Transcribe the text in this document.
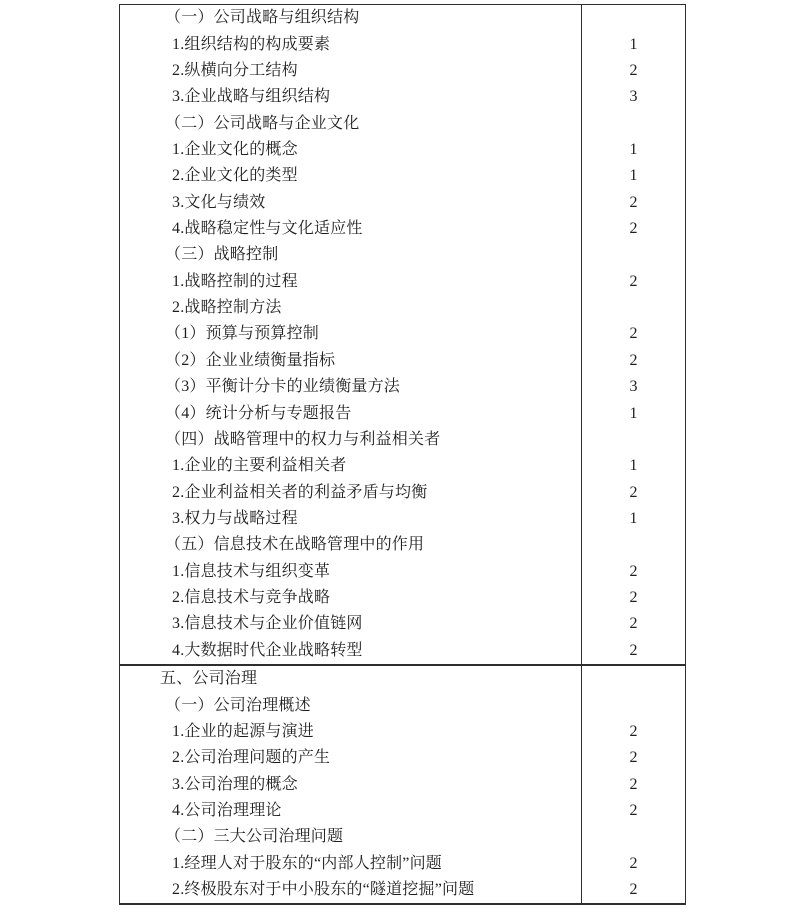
（一）公司战略与组织结构
1.组织结构的构成要素	1
2.纵横向分工结构	2
3.企业战略与组织结构	3
（二）公司战略与企业文化
1.企业文化的概念	1
2.企业文化的类型	1
3.文化与绩效	2
4.战略稳定性与文化适应性	2
（三）战略控制
1.战略控制的过程	2
2.战略控制方法
（1）预算与预算控制	2
（2）企业业绩衡量指标	2
（3）平衡计分卡的业绩衡量方法	3
（4）统计分析与专题报告	1
（四）战略管理中的权力与利益相关者
1.企业的主要利益相关者	1
2.企业利益相关者的利益矛盾与均衡	2
3.权力与战略过程	1
（五）信息技术在战略管理中的作用
1.信息技术与组织变革	2
2.信息技术与竞争战略	2
3.信息技术与企业价值链网	2
4.大数据时代企业战略转型	2
五、公司治理
（一）公司治理概述
1.企业的起源与演进	2
2.公司治理问题的产生	2
3.公司治理的概念	2
4.公司治理理论	2
（二）三大公司治理问题
1.经理人对于股东的“内部人控制”问题	2
2.终极股东对于中小股东的“隧道挖掘”问题	2
